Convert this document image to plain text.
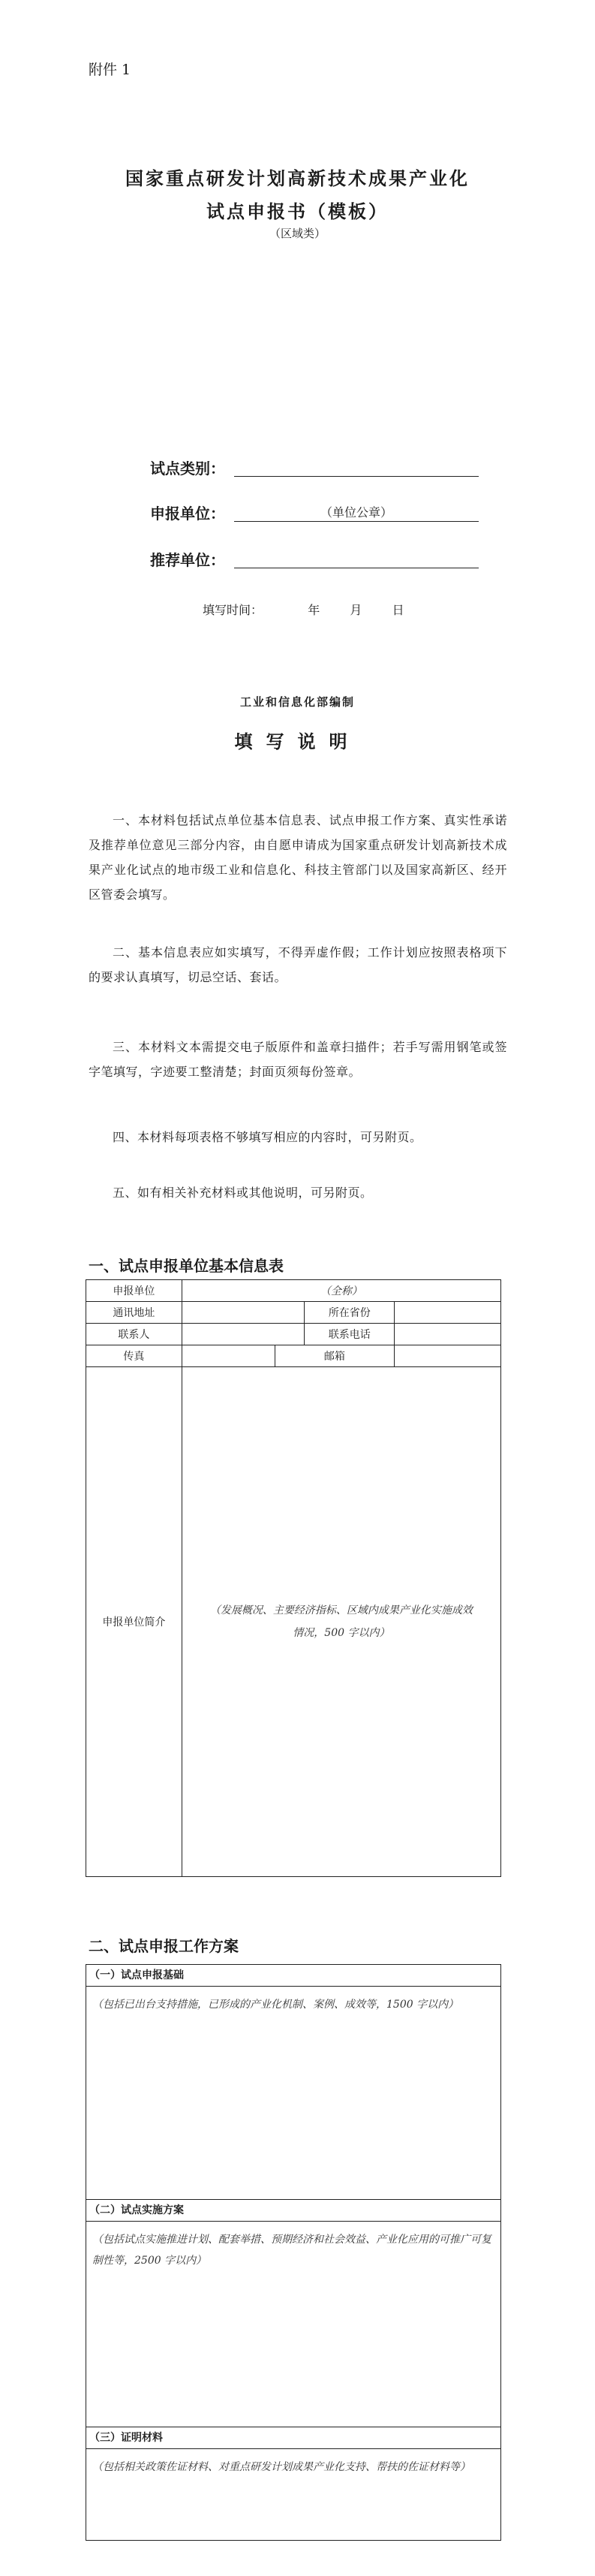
附件 1
国家重点研发计划高新技术成果产业化
试点申报书（模板）
（区域类）
试点类别：
申报单位：	（单位公章）
推荐单位：
填写时间：	年	月	日
工业和信息化部编制
填写说明
一、本材料包括试点单位基本信息表、试点申报工作方案、真实性承诺及推荐单位意见三部分内容，由自愿申请成为国家重点研发计划高新技术成果产业化试点的地市级工业和信息化、科技主管部门以及国家高新区、经开区管委会填写。
二、基本信息表应如实填写，不得弄虚作假；工作计划应按照表格项下的要求认真填写，切忌空话、套话。
三、本材料文本需提交电子版原件和盖章扫描件；若手写需用钢笔或签字笔填写，字迹要工整清楚；封面页须每份签章。
四、本材料每项表格不够填写相应的内容时，可另附页。
五、如有相关补充材料或其他说明，可另附页。
一、试点申报单位基本信息表
申报单位	（全称）			
通讯地址			所在省份	
联系人			联系电话	
传真		邮箱		
申报单位简介	（发展概况、主要经济指标、区域内成果产业化实施成效情况，500 字以内）			
二、试点申报工作方案
（一）试点申报基础
（包括已出台支持措施，已形成的产业化机制、案例、成效等，1500 字以内）
（二）试点实施方案
（包括试点实施推进计划、配套举措、预期经济和社会效益、产业化应用的可推广可复制性等，2500 字以内）
（三）证明材料
（包括相关政策佐证材料、对重点研发计划成果产业化支持、帮扶的佐证材料等）
